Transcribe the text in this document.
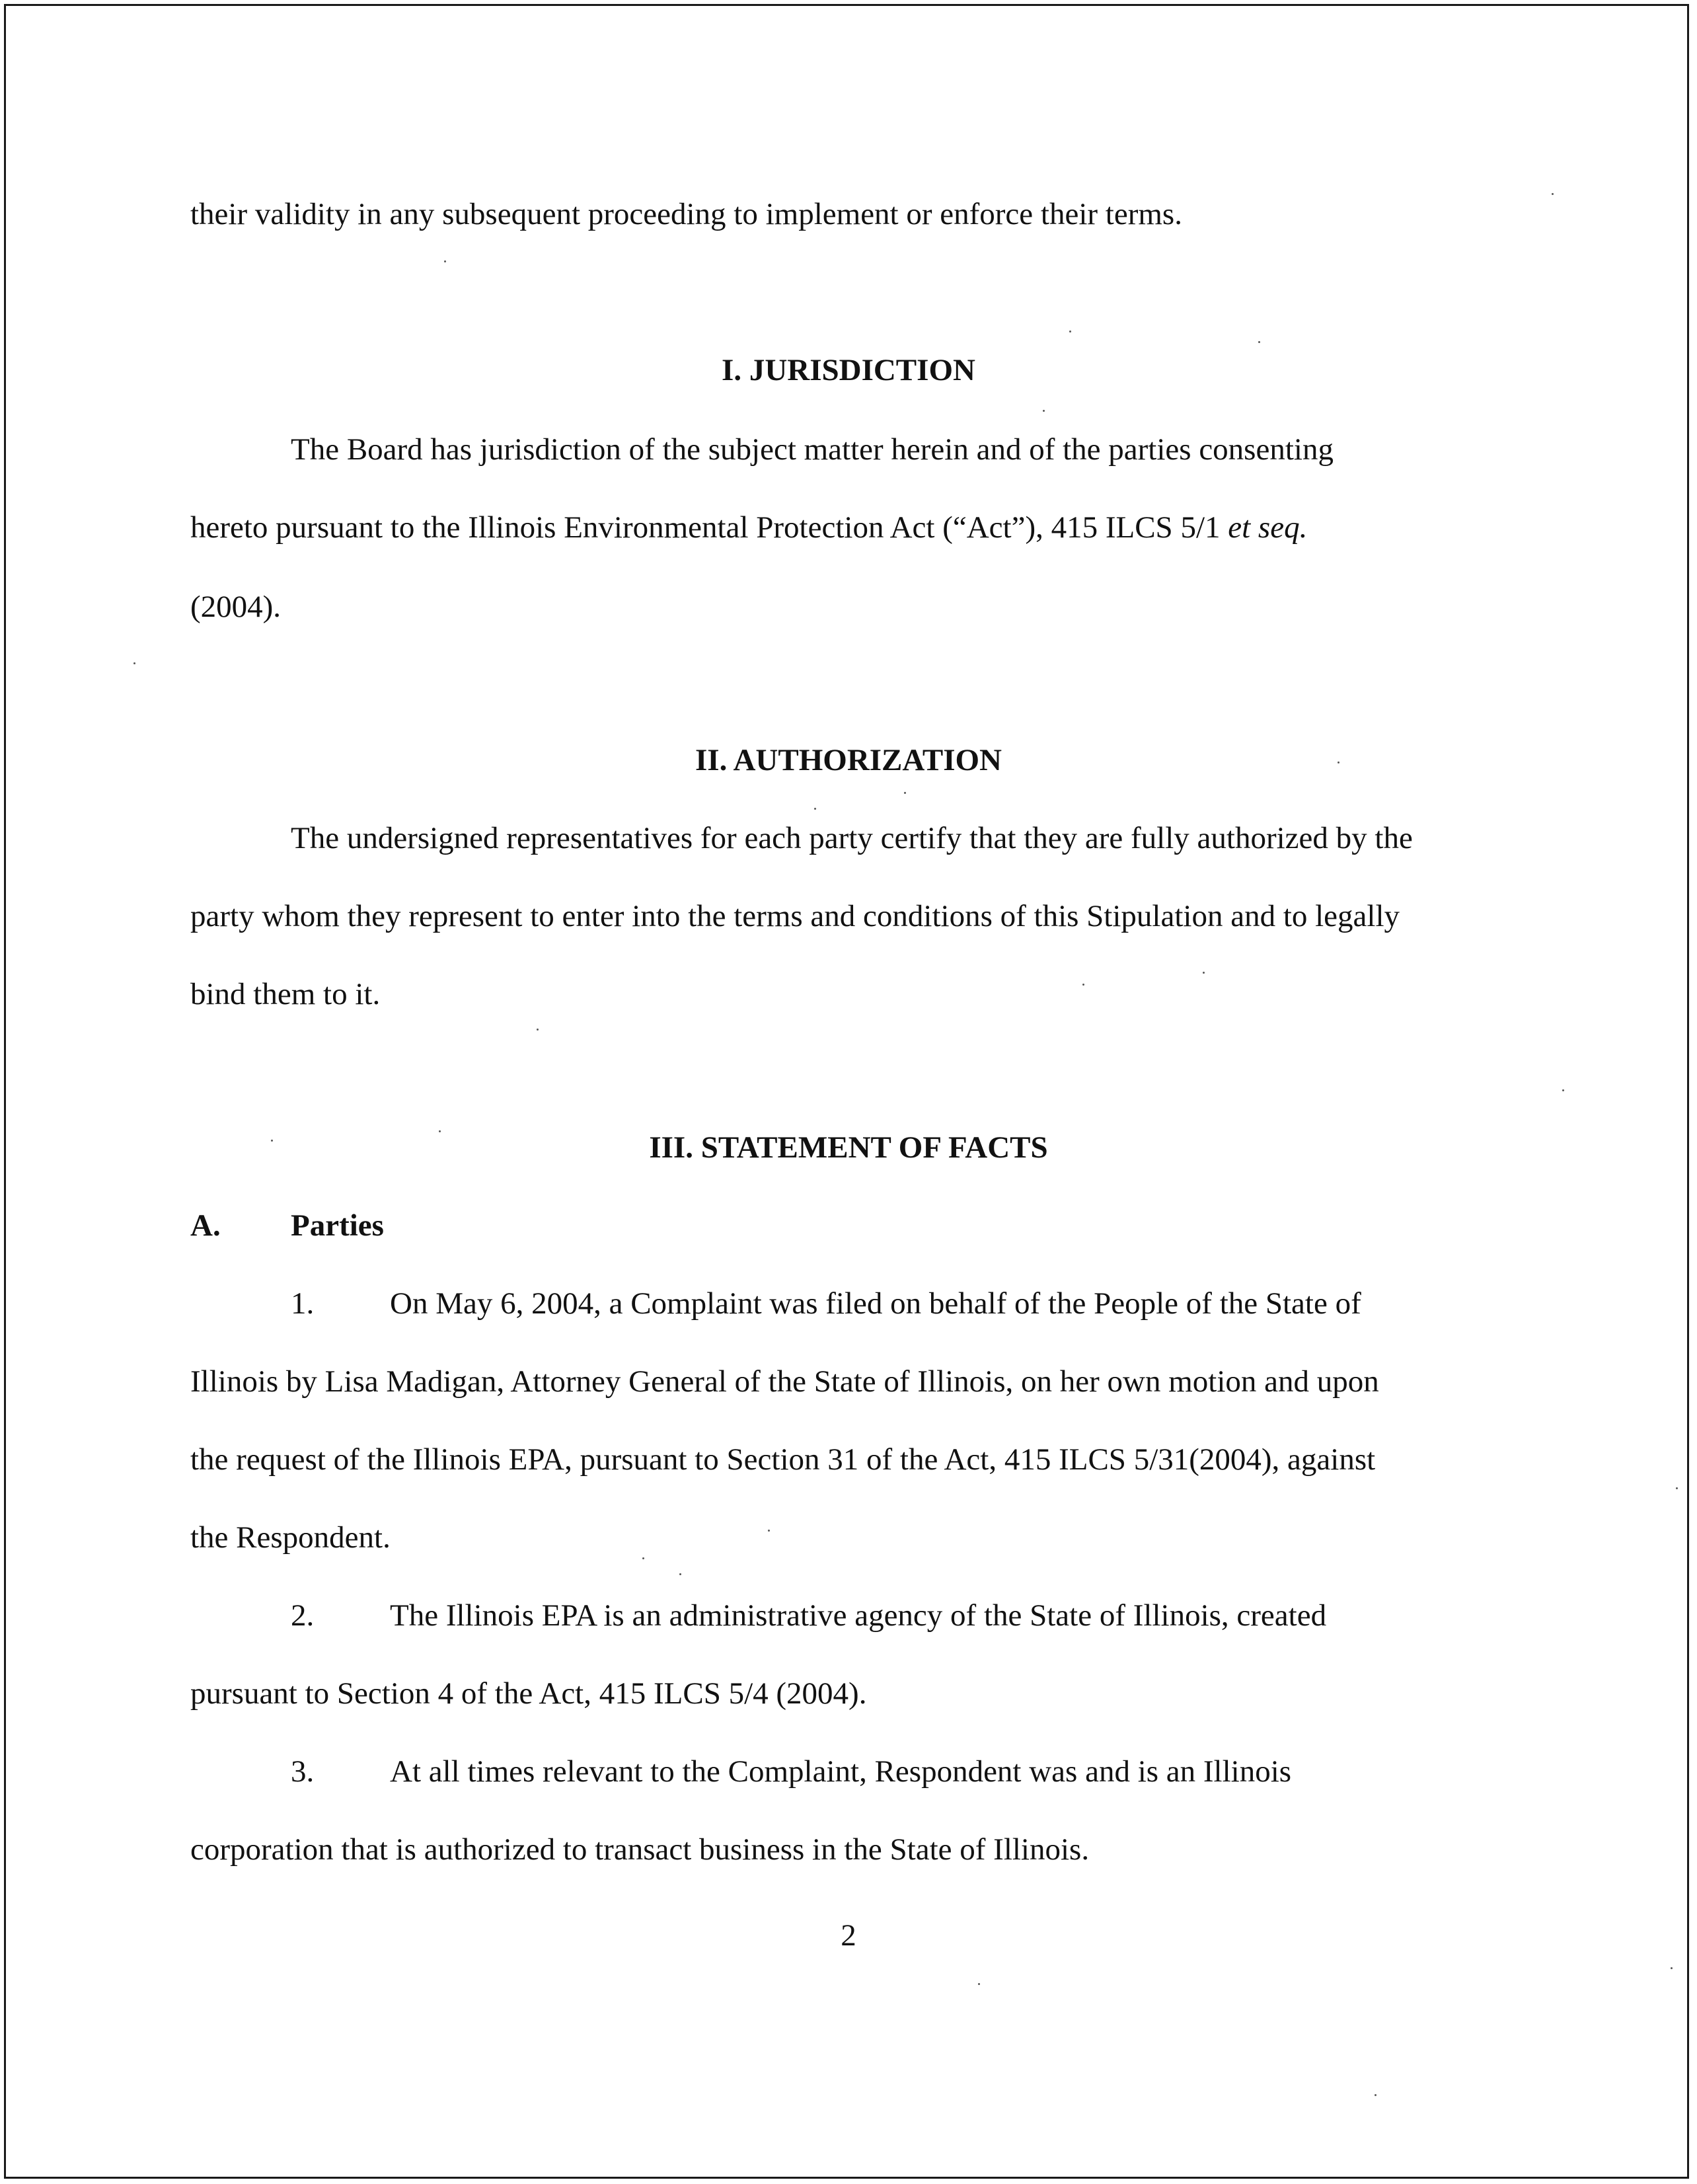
their validity in any subsequent proceeding to implement or enforce their terms.

I. JURISDICTION

The Board has jurisdiction of the subject matter herein and of the parties consenting

hereto pursuant to the Illinois Environmental Protection Act (“Act”), 415 ILCS 5/1 et seq.

(2004).

II. AUTHORIZATION

The undersigned representatives for each party certify that they are fully authorized by the

party whom they represent to enter into the terms and conditions of this Stipulation and to legally

bind them to it.

III. STATEMENT OF FACTS
A. Parties
1. On May 6, 2004, a Complaint was filed on behalf of the People of the State of

Illinois by Lisa Madigan, Attorney General of the State of Illinois, on her own motion and upon

the request of the Illinois EPA, pursuant to Section 31 of the Act, 415 ILCS 5/31(2004), against

the Respondent.

2. The Illinois EPA is an administrative agency of the State of Illinois, created

pursuant to Section 4 of the Act, 415 ILCS 5/4 (2004).

3. At all times relevant to the Complaint, Respondent was and is an Illinois

corporation that is authorized to transact business in the State of Illinois.

2
